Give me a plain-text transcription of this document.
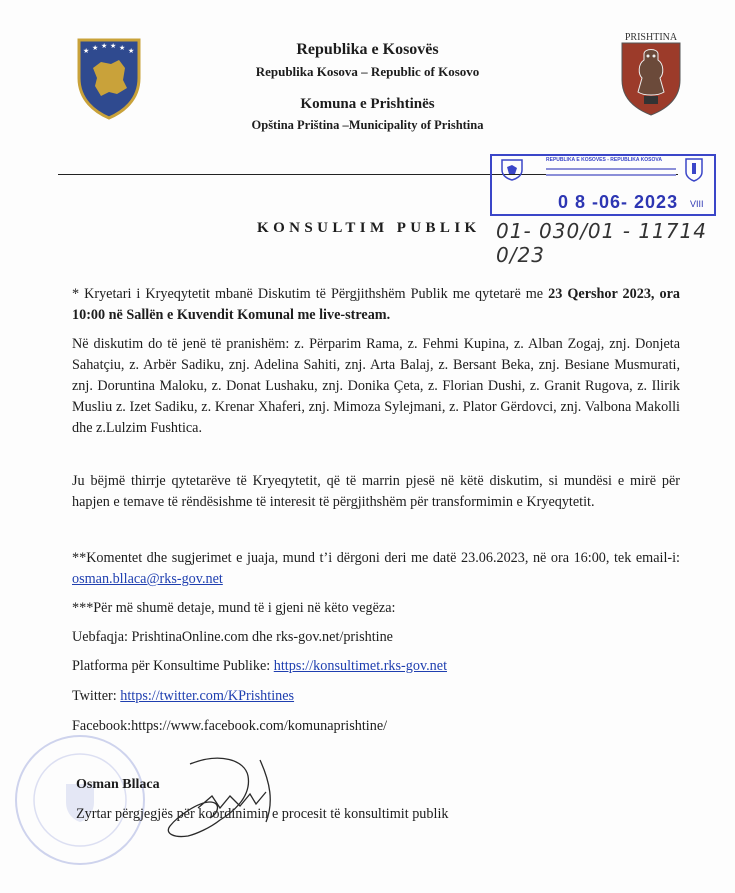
★ ★ ★ ★ ★ ★
PRISHTINA
Republika e Kosovës
Republika Kosova – Republic of Kosovo
Komuna e Prishtinës
Opština Priština –Municipality of Prishtina
REPUBLIKA E KOSOVËS - REPUBLIKA KOSOVA
0 8 -06- 2023 VIII
01- 030/01 - 11714 0/23
KONSULTIM PUBLIK

* Kryetari i Kryeqytetit mbanë Diskutim të Përgjithshëm Publik me qytetarë me 23 Qershor 2023, ora 10:00 në Sallën e Kuvendit Komunal me live-stream.

Në diskutim do të jenë të pranishëm: z. Përparim Rama, z. Fehmi Kupina, z. Alban Zogaj, znj. Donjeta Sahatçiu, z. Arbër Sadiku, znj. Adelina Sahiti, znj. Arta Balaj, z. Bersant Beka, znj. Besiane Musmurati, znj. Doruntina Maloku, z. Donat Lushaku, znj. Donika Çeta, z. Florian Dushi, z. Granit Rugova, z. Ilirik Musliu z. Izet Sadiku, z. Krenar Xhaferi, znj. Mimoza Sylejmani, z. Plator Gërdovci, znj. Valbona Makolli dhe z.Lulzim Fushtica.

Ju bëjmë thirrje qytetarëve të Kryeqytetit, që të marrin pjesë në këtë diskutim, si mundësi e mirë për hapjen e temave të rëndësishme të interesit të përgjithshëm për transformimin e Kryeqytetit.

**Komentet dhe sugjerimet e juaja, mund t’i dërgoni deri me datë 23.06.2023, në ora 16:00, tek email-i: osman.bllaca@rks-gov.net

***Për më shumë detaje, mund të i gjeni në këto vegëza:

Uebfaqja: PrishtinaOnline.com dhe rks-gov.net/prishtine

Platforma për Konsultime Publike: https://konsultimet.rks-gov.net

Twitter: https://twitter.com/KPrishtines

Facebook:https://www.facebook.com/komunaprishtine/

Osman Bllaca
Zyrtar përgjegjës për koordinimin e procesit të konsultimit publik
